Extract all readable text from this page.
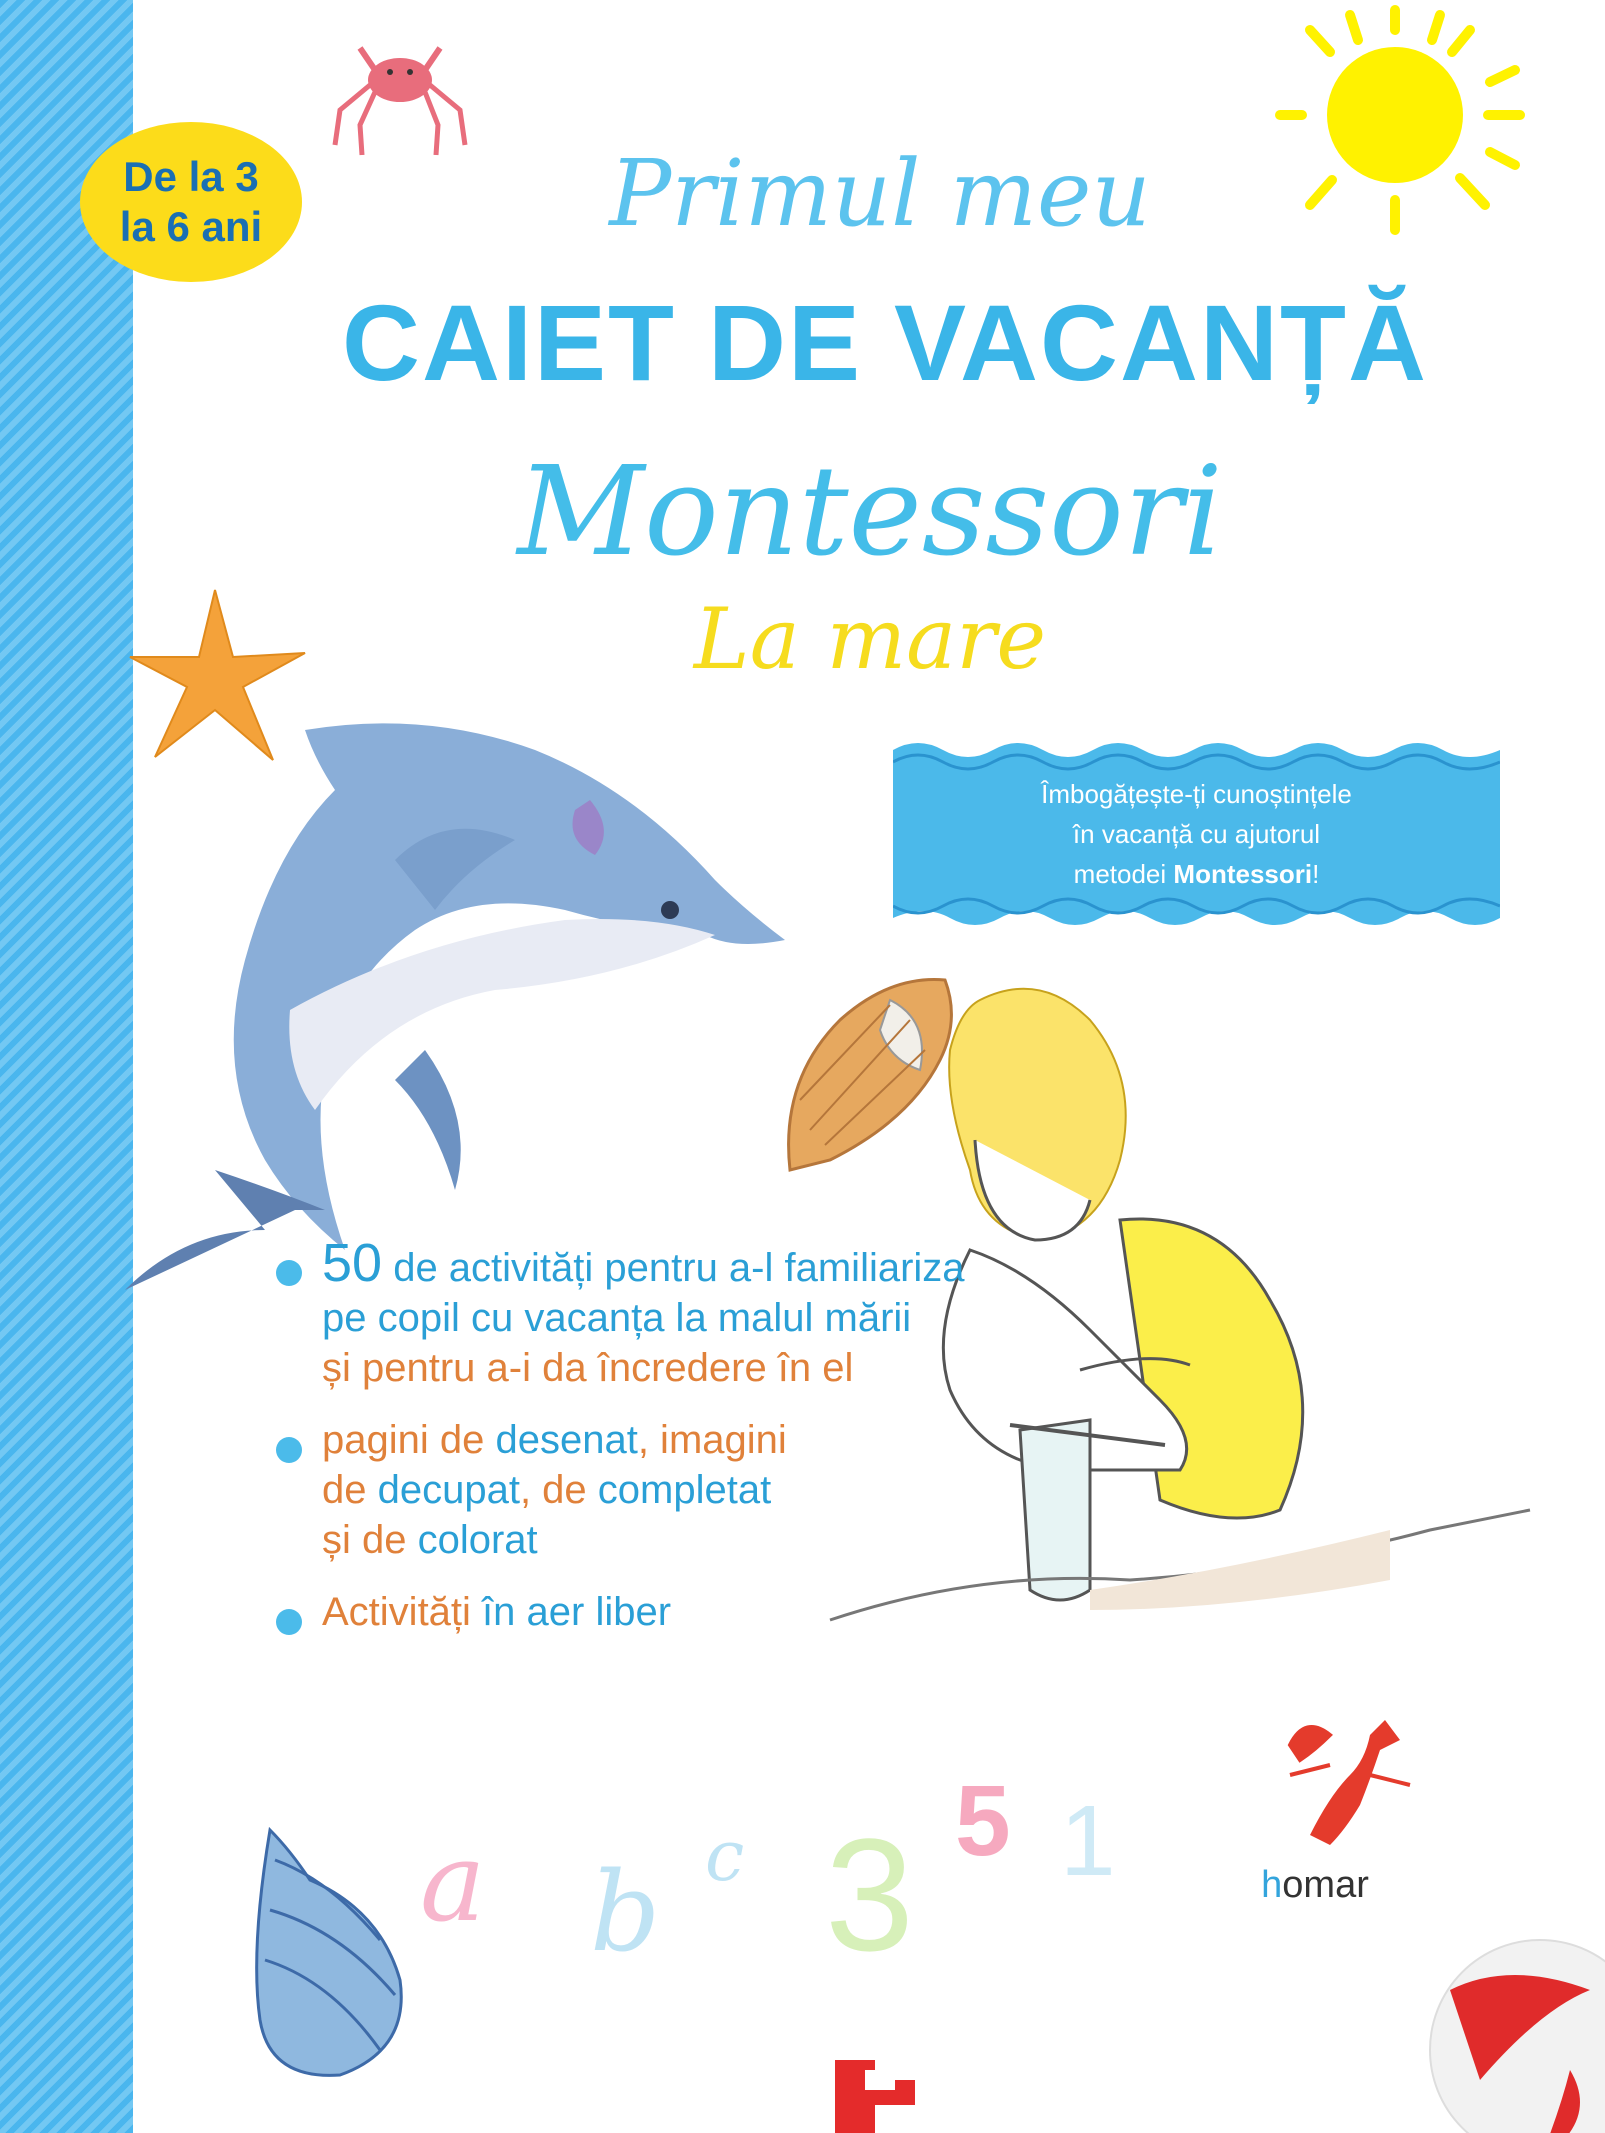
De la 3
la 6 ani	Primul meu
CAIET DE VACANȚĂ
Montessori
La mare
Îmbogățește-ți cunoștințele
în vacanță cu ajutorul
metodei Montessori!
50 de activități pentru a-l familiariza
pe copil cu vacanța la malul mării
și pentru a-i da încredere în el
pagini de desenat, imagini
de decupat, de completat
și de colorat
Activități în aer liber
homar
a b c 3 5 1
